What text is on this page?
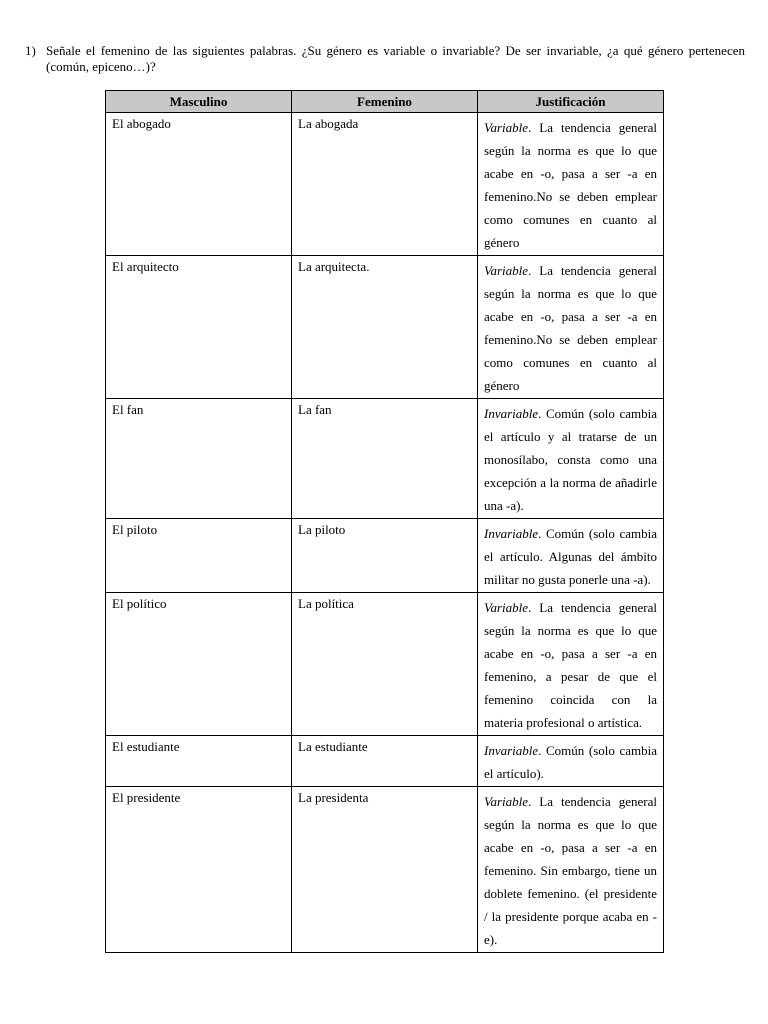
1) Señale el femenino de las siguientes palabras. ¿Su género es variable o invariable? De ser invariable, ¿a qué género pertenecen (común, epiceno…)?
Masculino	Femenino	Justificación
El abogado	La abogada	Variable. La tendencia general según la norma es que lo que acabe en -o, pasa a ser -a en femenino.No se deben emplear como comunes en cuanto al género
El arquitecto	La arquitecta.	Variable. La tendencia general según la norma es que lo que acabe en -o, pasa a ser -a en femenino.No se deben emplear como comunes en cuanto al género
El fan	La fan	Invariable. Común (solo cambia el artículo y al tratarse de un monosílabo, consta como una excepción a la norma de añadirle una -a).
El piloto	La piloto	Invariable. Común (solo cambia el artículo. Algunas del ámbito militar no gusta ponerle una -a).
El político	La política	Variable. La tendencia general según la norma es que lo que acabe en -o, pasa a ser -a en femenino, a pesar de que el femenino coincida con la materia profesional o artística.
El estudiante	La estudiante	Invariable. Común (solo cambia el artículo).
El presidente	La presidenta	Variable. La tendencia general según la norma es que lo que acabe en -o, pasa a ser -a en femenino. Sin embargo, tiene un doblete femenino. (el presidente / la presidente porque acaba en -e).
